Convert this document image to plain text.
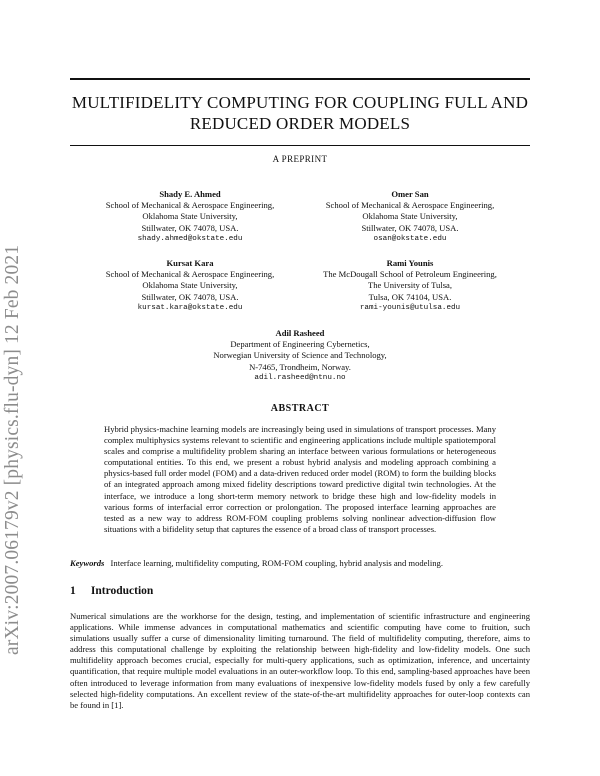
arXiv:2007.06179v2 [physics.flu-dyn] 12 Feb 2021
MULTIFIDELITY COMPUTING FOR COUPLING FULL AND
REDUCED ORDER MODELS
A PREPRINT
Shady E. Ahmed
School of Mechanical & Aerospace Engineering,
Oklahoma State University,
Stillwater, OK 74078, USA.
shady.ahmed@okstate.edu
Omer San
School of Mechanical & Aerospace Engineering,
Oklahoma State University,
Stillwater, OK 74078, USA.
osan@okstate.edu
Kursat Kara
School of Mechanical & Aerospace Engineering,
Oklahoma State University,
Stillwater, OK 74078, USA.
kursat.kara@okstate.edu
Rami Younis
The McDougall School of Petroleum Engineering,
The University of Tulsa,
Tulsa, OK 74104, USA.
rami-younis@utulsa.edu
Adil Rasheed
Department of Engineering Cybernetics,
Norwegian University of Science and Technology,
N-7465, Trondheim, Norway.
adil.rasheed@ntnu.no
ABSTRACT
Hybrid physics-machine learning models are increasingly being used in simulations of transport processes. Many complex multiphysics systems relevant to scientific and engineering applications include multiple spatiotemporal scales and comprise a multifidelity problem sharing an interface between various formulations or heterogeneous computational entities. To this end, we present a robust hybrid analysis and modeling approach combining a physics-based full order model (FOM) and a data-driven reduced order model (ROM) to form the building blocks of an integrated approach among mixed fidelity descriptions toward predictive digital twin technologies. At the interface, we introduce a long short-term memory network to bridge these high and low-fidelity models in various forms of interfacial error correction or prolongation. The proposed interface learning approaches are tested as a new way to address ROM-FOM coupling problems solving nonlinear advection-diffusion flow situations with a bifidelity setup that captures the essence of a broad class of transport processes.
Keywords Interface learning, multifidelity computing, ROM-FOM coupling, hybrid analysis and modeling.
1 Introduction
Numerical simulations are the workhorse for the design, testing, and implementation of scientific infrastructure and engineering applications. While immense advances in computational mathematics and scientific computing have come to fruition, such simulations usually suffer a curse of dimensionality limiting turnaround. The field of multifidelity computing, therefore, aims to address this computational challenge by exploiting the relationship between high-fidelity and low-fidelity models. One such multifidelity approach becomes crucial, especially for multi-query applications, such as optimization, inference, and uncertainty quantification, that require multiple model evaluations in an outer-workflow loop. To this end, sampling-based approaches have been often introduced to leverage information from many evaluations of inexpensive low-fidelity models fused by only a few carefully selected high-fidelity computations. An excellent review of the state-of-the-art multifidelity approaches for outer-loop contexts can be found in [1].
